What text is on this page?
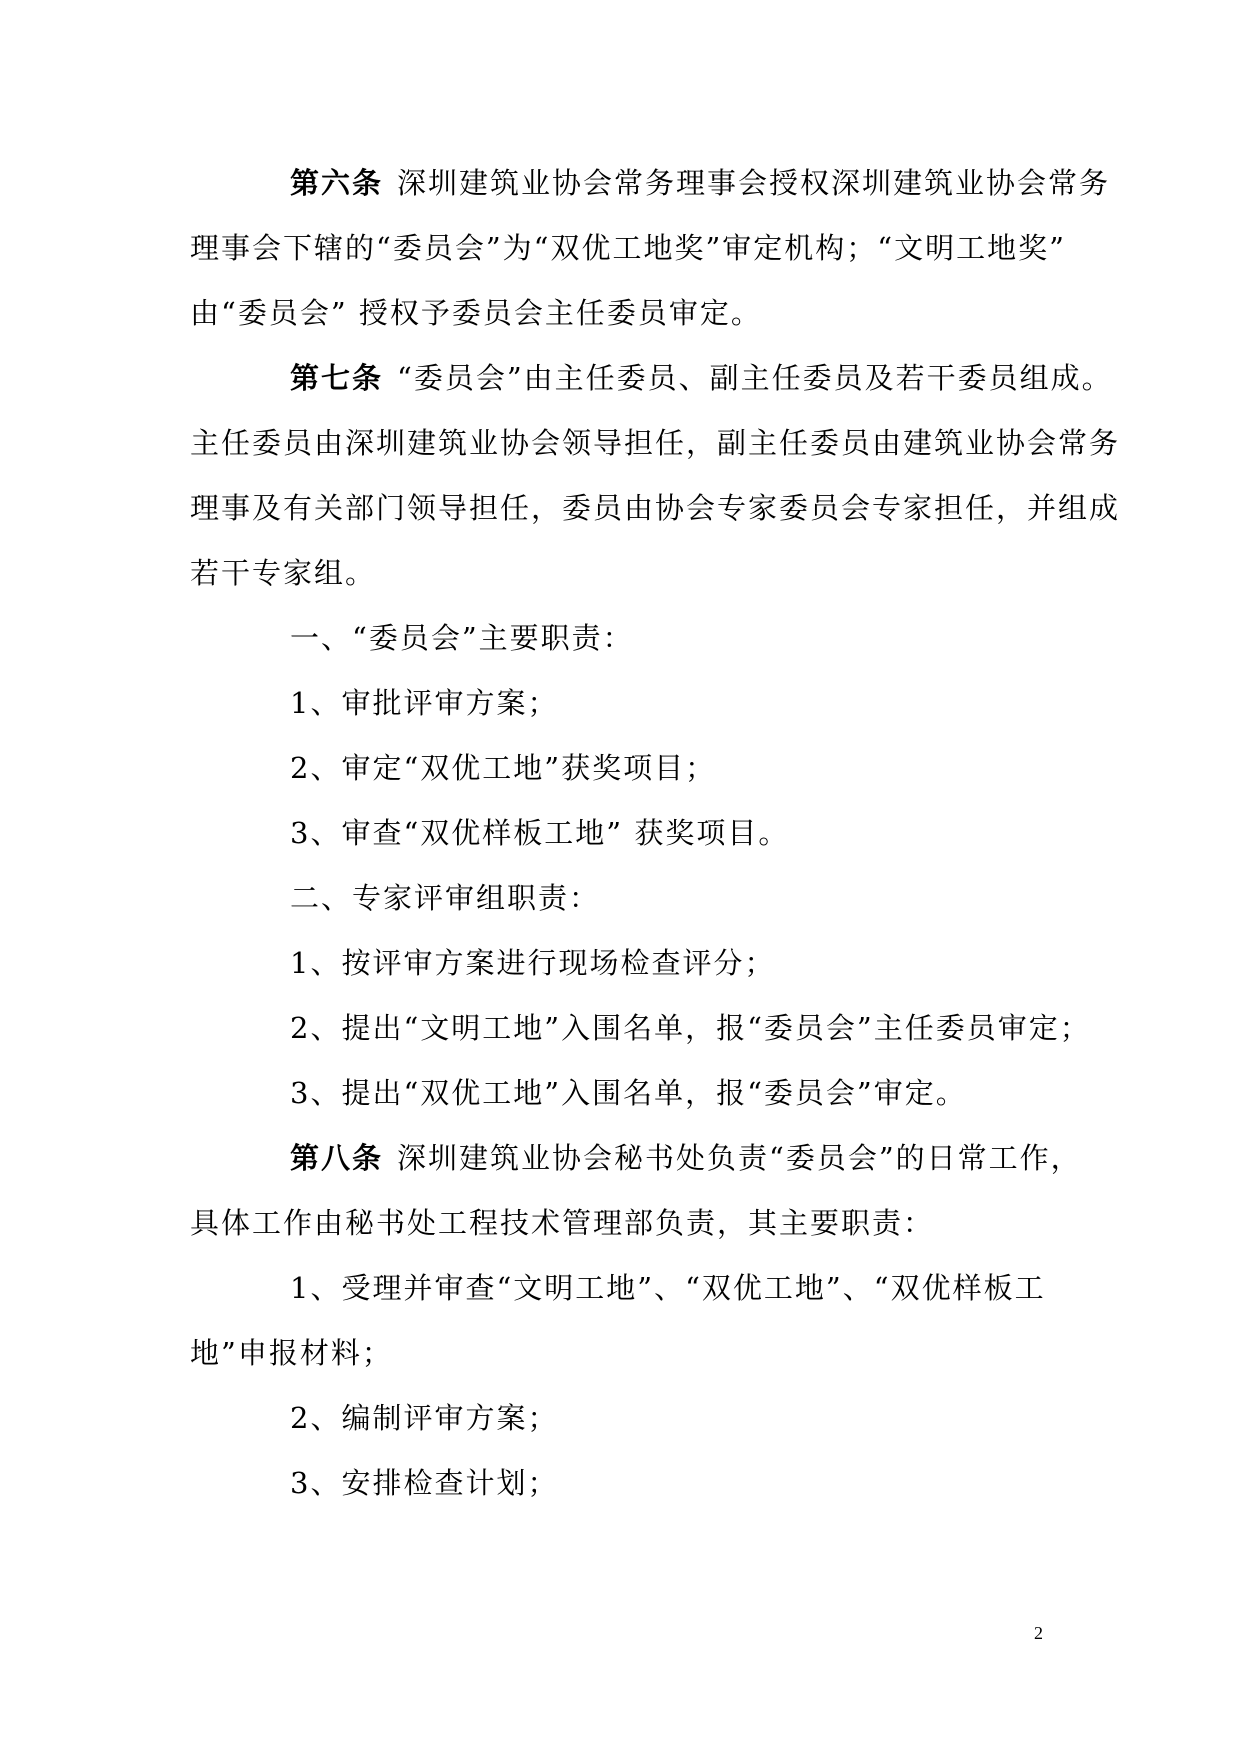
第六条 深圳建筑业协会常务理事会授权深圳建筑业协会常务
理事会下辖的“委员会”为“双优工地奖”审定机构；“文明工地奖”
由“委员会” 授权予委员会主任委员审定。
第七条 “委员会”由主任委员、副主任委员及若干委员组成。
主任委员由深圳建筑业协会领导担任，副主任委员由建筑业协会常务
理事及有关部门领导担任，委员由协会专家委员会专家担任，并组成
若干专家组。
一、“委员会”主要职责：
1、审批评审方案；
2、审定“双优工地”获奖项目；
3、审查“双优样板工地” 获奖项目。
二、专家评审组职责：
1、按评审方案进行现场检查评分；
2、提出“文明工地”入围名单，报“委员会”主任委员审定；
3、提出“双优工地”入围名单，报“委员会”审定。
第八条 深圳建筑业协会秘书处负责“委员会”的日常工作，
具体工作由秘书处工程技术管理部负责，其主要职责：
1、受理并审查“文明工地”、“双优工地”、“双优样板工
地”申报材料；
2、编制评审方案；
3、安排检查计划；
2
